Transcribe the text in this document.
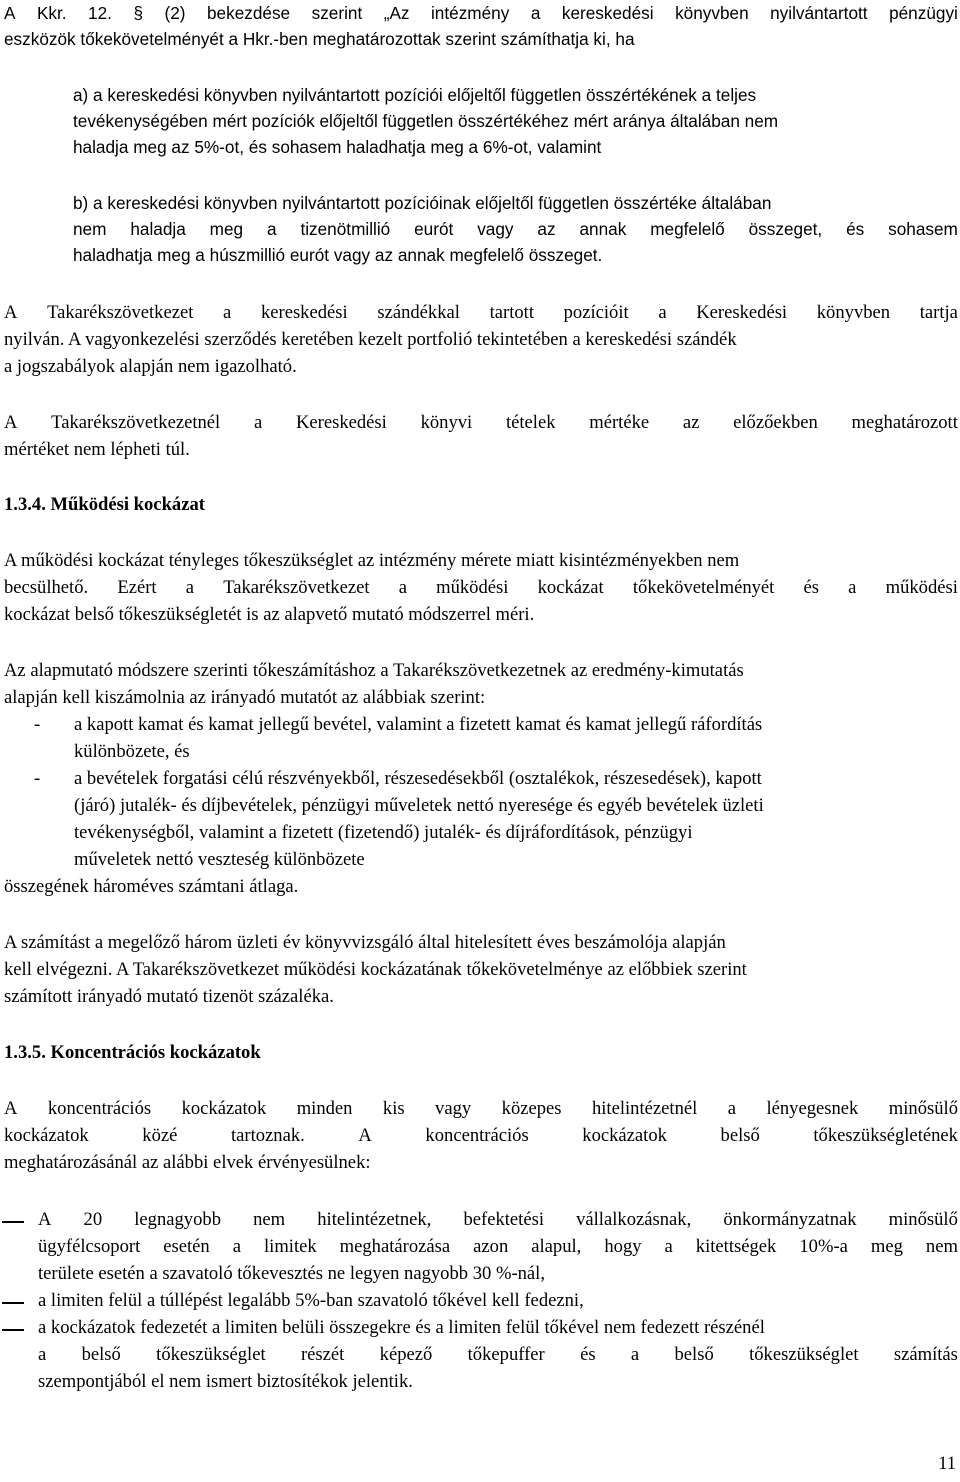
A Kkr. 12. § (2) bekezdése szerint „Az intézmény a kereskedési könyvben nyilvántartott pénzügyi
eszközök tőkekövetelményét a Hkr.-ben meghatározottak szerint számíthatja ki, ha
a) a kereskedési könyvben nyilvántartott pozíciói előjeltől független összértékének a teljes
tevékenységében mért pozíciók előjeltől független összértékéhez mért aránya általában nem
haladja meg az 5%-ot, és sohasem haladhatja meg a 6%-ot, valamint
b) a kereskedési könyvben nyilvántartott pozícióinak előjeltől független összértéke általában
nem haladja meg a tizenötmillió eurót vagy az annak megfelelő összeget, és sohasem
haladhatja meg a húszmillió eurót vagy az annak megfelelő összeget.
A Takarékszövetkezet a kereskedési szándékkal tartott pozícióit a Kereskedési könyvben tartja
nyilván. A vagyonkezelési szerződés keretében kezelt portfolió tekintetében a kereskedési szándék
a jogszabályok alapján nem igazolható.
A Takarékszövetkezetnél a Kereskedési könyvi tételek mértéke az előzőekben meghatározott
mértéket nem lépheti túl.
1.3.4. Működési kockázat
A működési kockázat tényleges tőkeszükséglet az intézmény mérete miatt kisintézményekben nem
becsülhető. Ezért a Takarékszövetkezet a működési kockázat tőkekövetelményét és a működési
kockázat belső tőkeszükségletét is az alapvető mutató módszerrel méri.
Az alapmutató módszere szerinti tőkeszámításhoz a Takarékszövetkezetnek az eredmény-kimutatás
alapján kell kiszámolnia az irányadó mutatót az alábbiak szerint:
- a kapott kamat és kamat jellegű bevétel, valamint a fizetett kamat és kamat jellegű ráfordítás
különbözete, és
- a bevételek forgatási célú részvényekből, részesedésekből (osztalékok, részesedések), kapott
(járó) jutalék- és díjbevételek, pénzügyi műveletek nettó nyeresége és egyéb bevételek üzleti
tevékenységből, valamint a fizetett (fizetendő) jutalék- és díjráfordítások, pénzügyi
műveletek nettó veszteség különbözete
összegének hároméves számtani átlaga.
A számítást a megelőző három üzleti év könyvvizsgáló által hitelesített éves beszámolója alapján
kell elvégezni. A Takarékszövetkezet működési kockázatának tőkekövetelménye az előbbiek szerint
számított irányadó mutató tizenöt százaléka.
1.3.5. Koncentrációs kockázatok
A koncentrációs kockázatok minden kis vagy közepes hitelintézetnél a lényegesnek minősülő
kockázatok	közé	tartoznak.	A	koncentrációs	kockázatok	belső	tőkeszükségletének
meghatározásánál az alábbi elvek érvényesülnek:
A 20 legnagyobb nem hitelintézetnek, befektetési vállalkozásnak, önkormányzatnak minősülő
ügyfélcsoport esetén a limitek meghatározása azon alapul, hogy a kitettségek 10%-a meg nem
területe esetén a szavatoló tőkevesztés ne legyen nagyobb 30 %-nál,
a limiten felül a túllépést legalább 5%-ban szavatoló tőkével kell fedezni,
a kockázatok fedezetét a limiten belüli összegekre és a limiten felül tőkével nem fedezett részénél
a belső tőkeszükséglet részét képező tőkepuffer és a belső tőkeszükséglet számítás
szempontjából el nem ismert biztosítékok jelentik.
11
